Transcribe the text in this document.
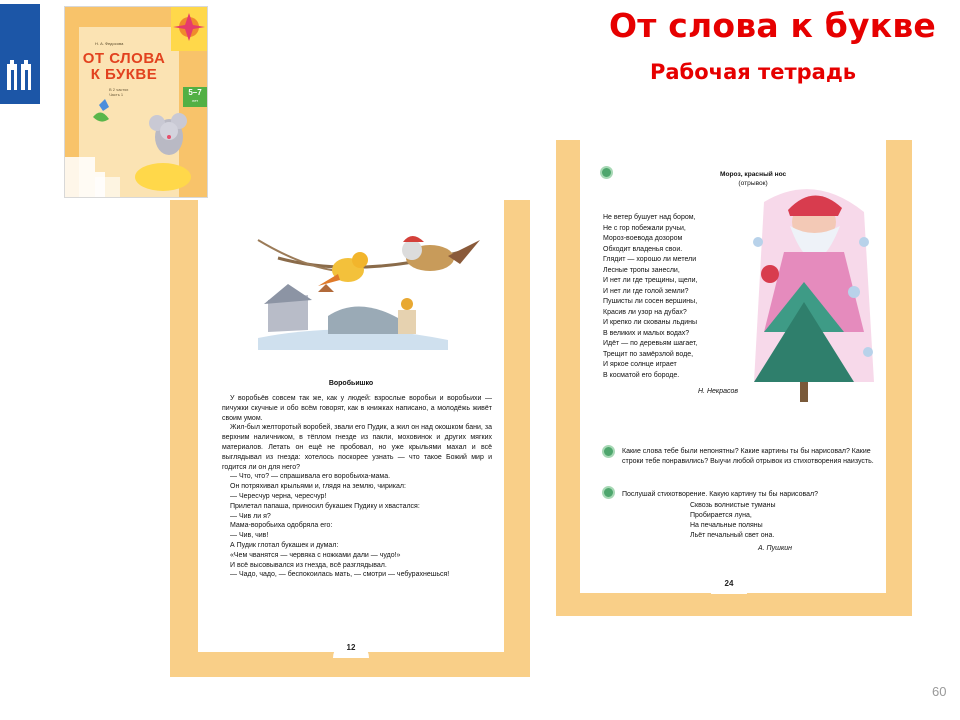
Н. А. Федосова
ОТ СЛОВА
К БУКВЕ
В 2 частях
Часть 1	5–7
лет
От слова к букве
Рабочая тетрадь
Воробьишко

У воробьёв совсем так же, как у людей: взрослые воробьи и воробьихи — пичужки скучные и обо всём говорят, как в книжках написано, а молодёжь живёт своим умом.

Жил-был желторотый воробей, звали его Пудик, а жил он над окошком бани, за верхним наличником, в тёплом гнезде из пакли, моховинок и других мягких материалов. Летать он ещё не пробовал, но уже крыльями махал и всё выглядывал из гнезда: хотелось поскорее узнать — что такое Божий мир и годится ли он для него?

— Что, что? — спрашивала его воробьиха-мама.

Он потряхивал крыльями и, глядя на землю, чирикал:

— Чересчур черна, чересчур!

Прилетал папаша, приносил букашек Пудику и хвастался:

— Чив ли я?

Мама-воробьиха одобряла его:

— Чив, чив!

А Пудик глотал букашек и думал:

«Чем чванятся — червяка с ножками дали — чудо!»

И всё высовывался из гнезда, всё разглядывал.

— Чадо, чадо, — беспокоилась мать, — смотри — чебурахнешься!

12
Мороз, красный нос
(отрывок)
Не ветер бушует над бором,
Не с гор побежали ручьи,
Мороз-воевода дозором
Обходит владенья свои.
Глядит — хорошо ли метели
Лесные тропы занесли,
И нет ли где трещины, щели,
И нет ли где голой земли?
Пушисты ли сосен вершины,
Красив ли узор на дубах?
И крепко ли скованы льдины
В великих и малых водах?
Идёт — по деревьям шагает,
Трещит по замёрзлой воде,
И яркое солнце играет
В косматой его бороде.
Н. Некрасов
Какие слова тебе были непонятны? Какие картины ты бы нарисовал? Какие строки тебе понравились? Выучи любой отрывок из стихотворения наизусть.
Послушай стихотворение. Какую картину ты бы нарисовал?
Сквозь волнистые туманы
Пробирается луна,
На печальные поляны
Льёт печальный свет она.
А. Пушкин
24
60
